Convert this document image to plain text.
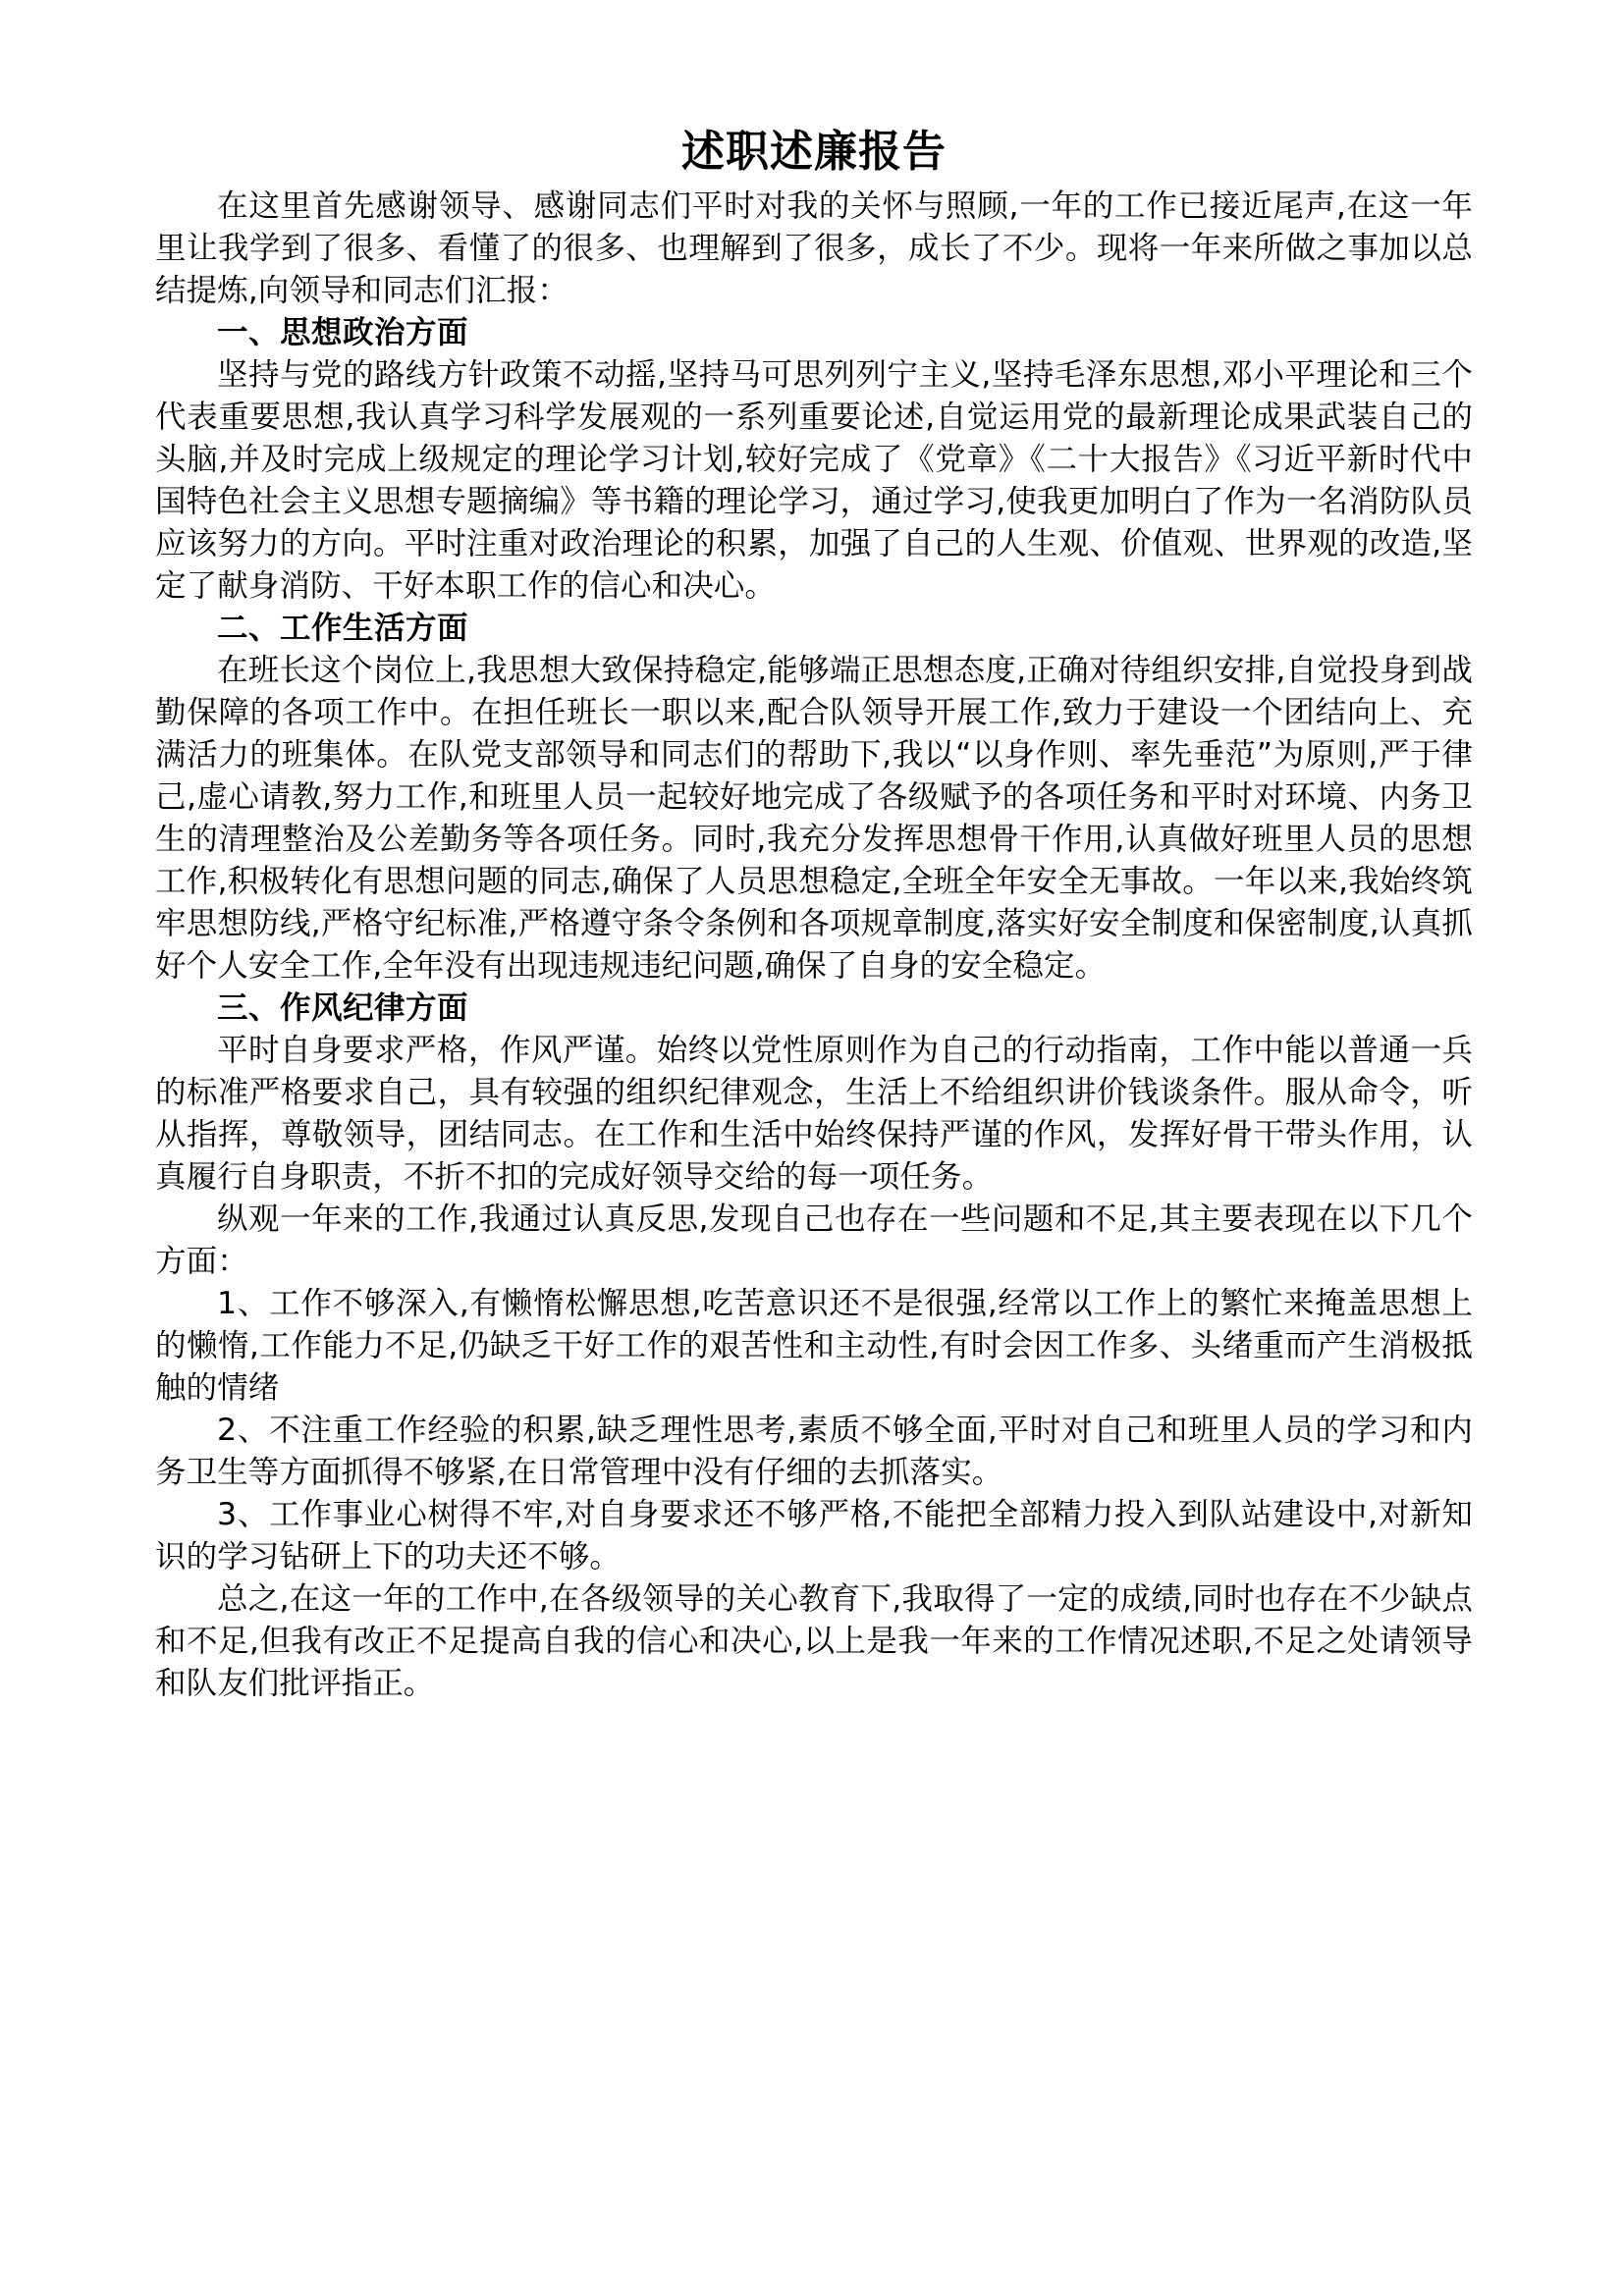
述职述廉报告

在这里首先感谢领导、感谢同志们平时对我的关怀与照顾,一年的工作已接近尾声,在这一年里让我学到了很多、看懂了的很多、也理解到了很多，成长了不少。现将一年来所做之事加以总结提炼,向领导和同志们汇报：

一、思想政治方面

坚持与党的路线方针政策不动摇,坚持马可思列列宁主义,坚持毛泽东思想,邓小平理论和三个代表重要思想,我认真学习科学发展观的一系列重要论述,自觉运用党的最新理论成果武装自己的头脑,并及时完成上级规定的理论学习计划,较好完成了《党章》《二十大报告》《习近平新时代中国特色社会主义思想专题摘编》等书籍的理论学习，通过学习,使我更加明白了作为一名消防队员应该努力的方向。平时注重对政治理论的积累，加强了自己的人生观、价值观、世界观的改造,坚定了献身消防、干好本职工作的信心和决心。

二、工作生活方面

在班长这个岗位上,我思想大致保持稳定,能够端正思想态度,正确对待组织安排,自觉投身到战勤保障的各项工作中。在担任班长一职以来,配合队领导开展工作,致力于建设一个团结向上、充满活力的班集体。在队党支部领导和同志们的帮助下,我以“以身作则、率先垂范”为原则,严于律己,虚心请教,努力工作,和班里人员一起较好地完成了各级赋予的各项任务和平时对环境、内务卫生的清理整治及公差勤务等各项任务。同时,我充分发挥思想骨干作用,认真做好班里人员的思想工作,积极转化有思想问题的同志,确保了人员思想稳定,全班全年安全无事故。一年以来,我始终筑牢思想防线,严格守纪标准,严格遵守条令条例和各项规章制度,落实好安全制度和保密制度,认真抓好个人安全工作,全年没有出现违规违纪问题,确保了自身的安全稳定。

三、作风纪律方面

平时自身要求严格，作风严谨。始终以党性原则作为自己的行动指南，工作中能以普通一兵的标准严格要求自己，具有较强的组织纪律观念，生活上不给组织讲价钱谈条件。服从命令，听从指挥，尊敬领导，团结同志。在工作和生活中始终保持严谨的作风，发挥好骨干带头作用，认真履行自身职责，不折不扣的完成好领导交给的每一项任务。

纵观一年来的工作,我通过认真反思,发现自己也存在一些问题和不足,其主要表现在以下几个方面：

1、工作不够深入,有懒惰松懈思想,吃苦意识还不是很强,经常以工作上的繁忙来掩盖思想上的懒惰,工作能力不足,仍缺乏干好工作的艰苦性和主动性,有时会因工作多、头绪重而产生消极抵触的情绪

2、不注重工作经验的积累,缺乏理性思考,素质不够全面,平时对自己和班里人员的学习和内务卫生等方面抓得不够紧,在日常管理中没有仔细的去抓落实。

3、工作事业心树得不牢,对自身要求还不够严格,不能把全部精力投入到队站建设中,对新知识的学习钻研上下的功夫还不够。

总之,在这一年的工作中,在各级领导的关心教育下,我取得了一定的成绩,同时也存在不少缺点和不足,但我有改正不足提高自我的信心和决心,以上是我一年来的工作情况述职,不足之处请领导和队友们批评指正。
